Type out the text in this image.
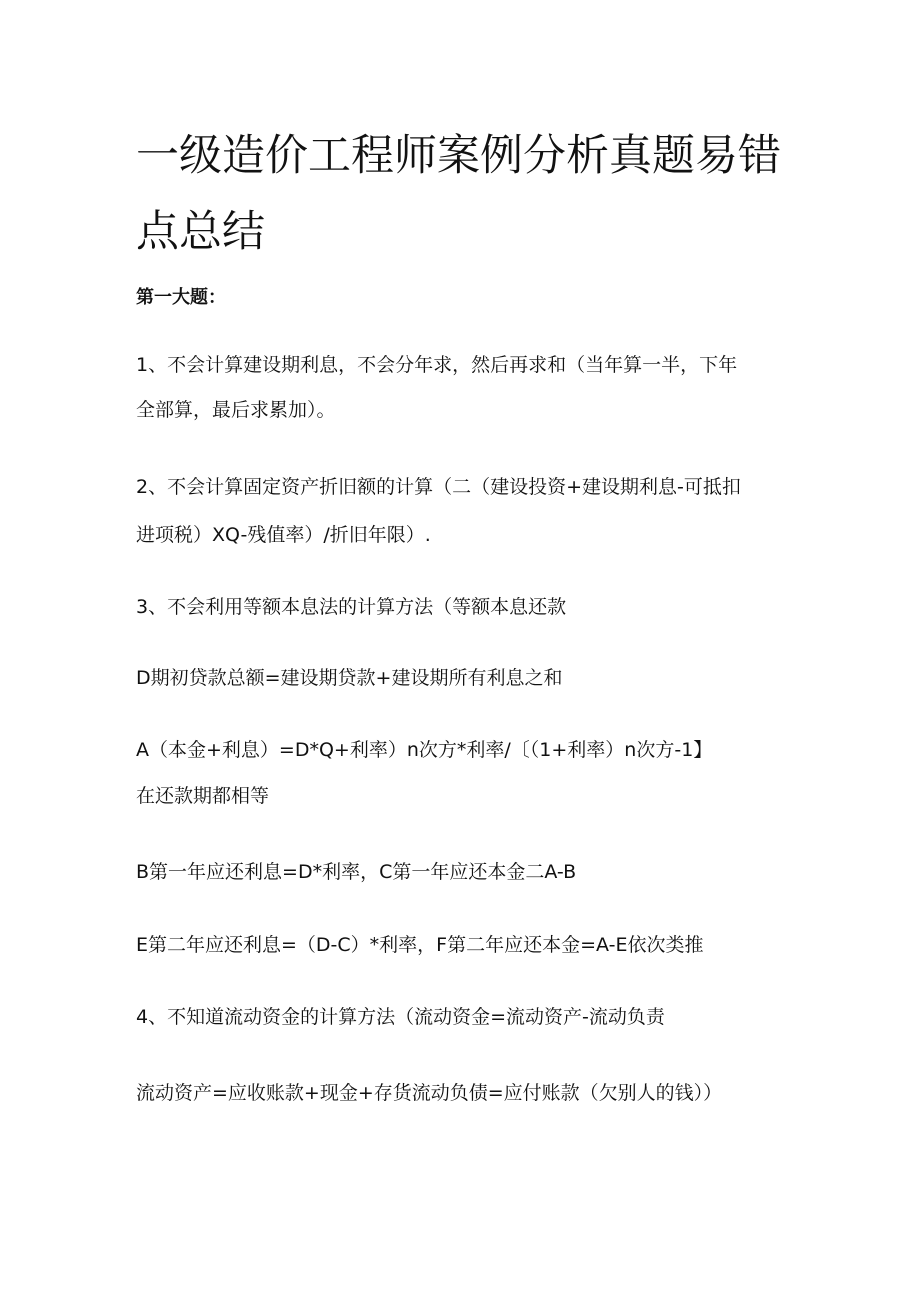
一级造价工程师案例分析真题易错
点总结
第一大题：
1、不会计算建设期利息，不会分年求，然后再求和（当年算一半，下年
全部算，最后求累加）。
2、不会计算固定资产折旧额的计算（二（建设投资+建设期利息-可抵扣
进项税）XQ-残值率）/折旧年限）.
3、不会利用等额本息法的计算方法（等额本息还款
D期初贷款总额=建设期贷款+建设期所有利息之和
A（本金+利息）=D*Q+利率）n次方*利率/〔（1+利率）n次方-1】
在还款期都相等
B第一年应还利息=D*利率，C第一年应还本金二A-B
E第二年应还利息=（D-C）*利率，F第二年应还本金=A-E依次类推
4、不知道流动资金的计算方法（流动资金=流动资产-流动负责
流动资产=应收账款+现金+存货流动负债=应付账款（欠别人的钱））
